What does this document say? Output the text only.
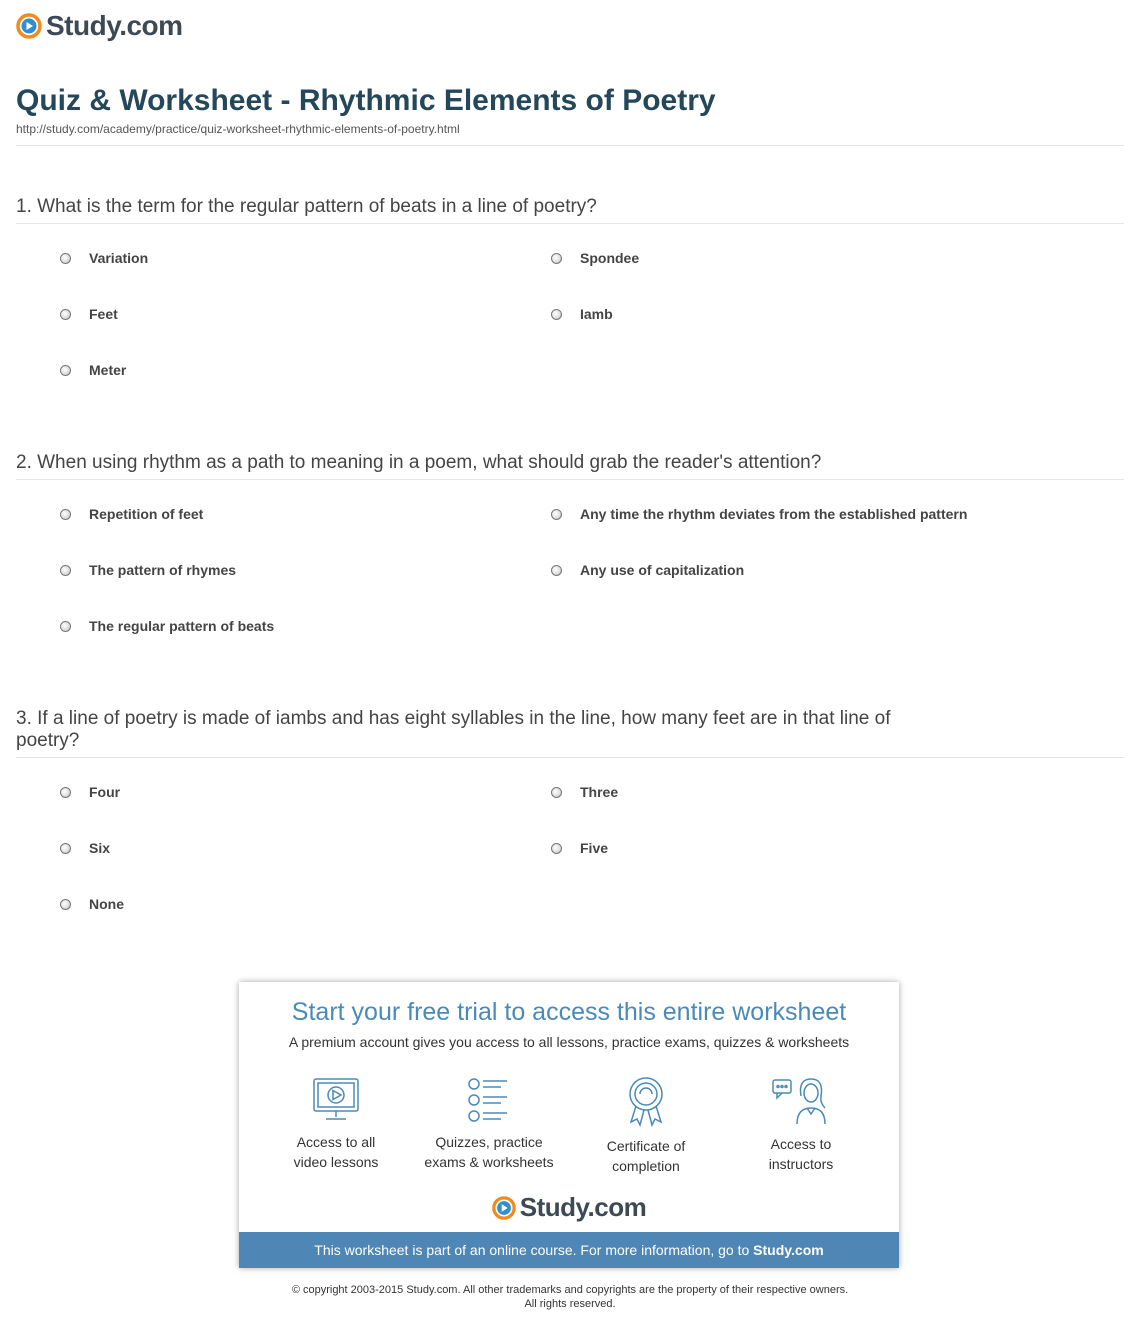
Study.com
Quiz & Worksheet - Rhythmic Elements of Poetry
http://study.com/academy/practice/quiz-worksheet-rhythmic-elements-of-poetry.html

1. What is the term for the regular pattern of beats in a line of poetry?

Variation	Spondee
Feet	Iamb
Meter

2. When using rhythm as a path to meaning in a poem, what should grab the reader's attention?

Repetition of feet	Any time the rhythm deviates from the established pattern
The pattern of rhymes	Any use of capitalization
The regular pattern of beats

3. If a line of poetry is made of iambs and has eight syllables in the line, how many feet are in that line of poetry?

Four	Three
Six	Five
None
Start your free trial to access this entire worksheet
A premium account gives you access to all lessons, practice exams, quizzes & worksheets
Access to all
video lessons
Quizzes, practice
exams & worksheets
Certificate of
completion
Access to
instructors
Study.com
This worksheet is part of an online course. For more information, go to Study.com
© copyright 2003-2015 Study.com. All other trademarks and copyrights are the property of their respective owners.
All rights reserved.
